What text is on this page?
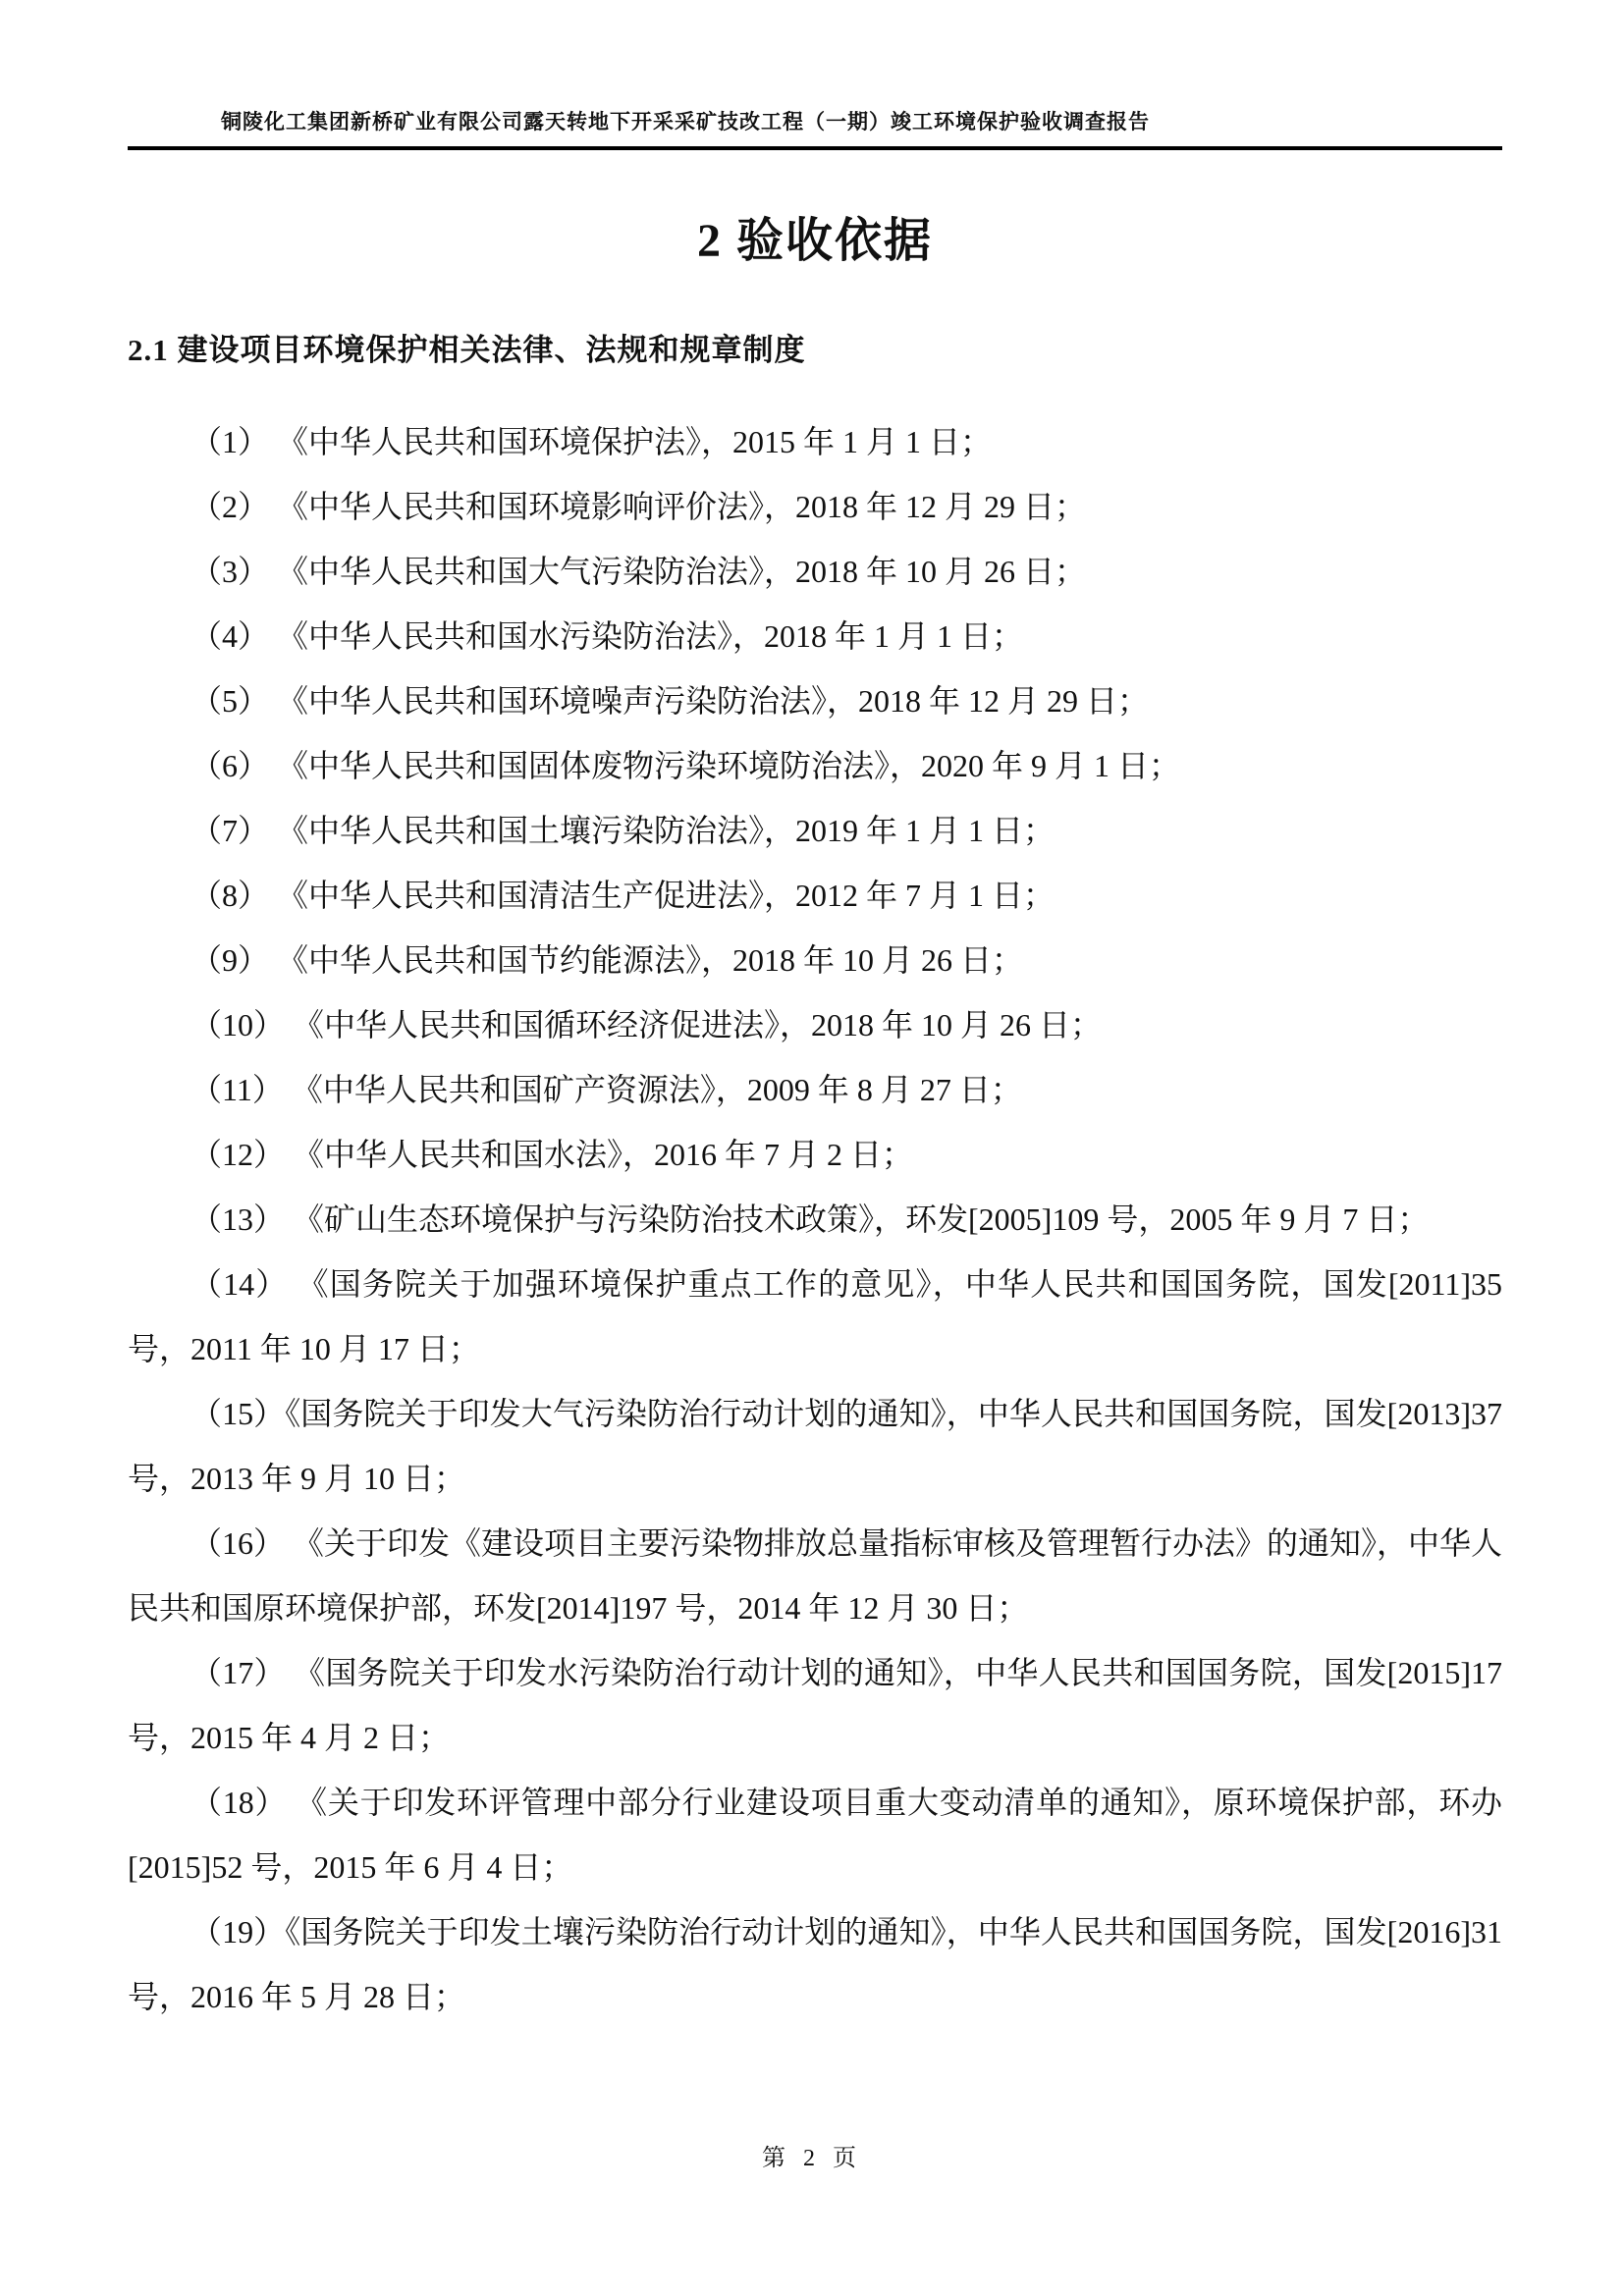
铜陵化工集团新桥矿业有限公司露天转地下开采采矿技改工程（一期）竣工环境保护验收调查报告
2 验收依据
2.1 建设项目环境保护相关法律、法规和规章制度

（1） 《中华人民共和国环境保护法》，2015 年 1 月 1 日；

（2） 《中华人民共和国环境影响评价法》，2018 年 12 月 29 日；

（3） 《中华人民共和国大气污染防治法》，2018 年 10 月 26 日；

（4） 《中华人民共和国水污染防治法》，2018 年 1 月 1 日；

（5） 《中华人民共和国环境噪声污染防治法》，2018 年 12 月 29 日；

（6） 《中华人民共和国固体废物污染环境防治法》，2020 年 9 月 1 日；

（7） 《中华人民共和国土壤污染防治法》，2019 年 1 月 1 日；

（8） 《中华人民共和国清洁生产促进法》，2012 年 7 月 1 日；

（9） 《中华人民共和国节约能源法》，2018 年 10 月 26 日；

（10） 《中华人民共和国循环经济促进法》，2018 年 10 月 26 日；

（11） 《中华人民共和国矿产资源法》，2009 年 8 月 27 日；

（12） 《中华人民共和国水法》，2016 年 7 月 2 日；

（13） 《矿山生态环境保护与污染防治技术政策》，环发[2005]109 号，2005 年 9 月 7 日；

（14） 《国务院关于加强环境保护重点工作的意见》，中华人民共和国国务院，国发[2011]35 号，2011 年 10 月 17 日；

（15）《国务院关于印发大气污染防治行动计划的通知》，中华人民共和国国务院，国发[2013]37 号，2013 年 9 月 10 日；

（16） 《关于印发《建设项目主要污染物排放总量指标审核及管理暂行办法》的通知》，中华人民共和国原环境保护部，环发[2014]197 号，2014 年 12 月 30 日；

（17） 《国务院关于印发水污染防治行动计划的通知》，中华人民共和国国务院，国发[2015]17 号，2015 年 4 月 2 日；

（18） 《关于印发环评管理中部分行业建设项目重大变动清单的通知》，原环境保护部，环办[2015]52 号，2015 年 6 月 4 日；

（19）《国务院关于印发土壤污染防治行动计划的通知》，中华人民共和国国务院，国发[2016]31 号，2016 年 5 月 28 日；

第 2 页
